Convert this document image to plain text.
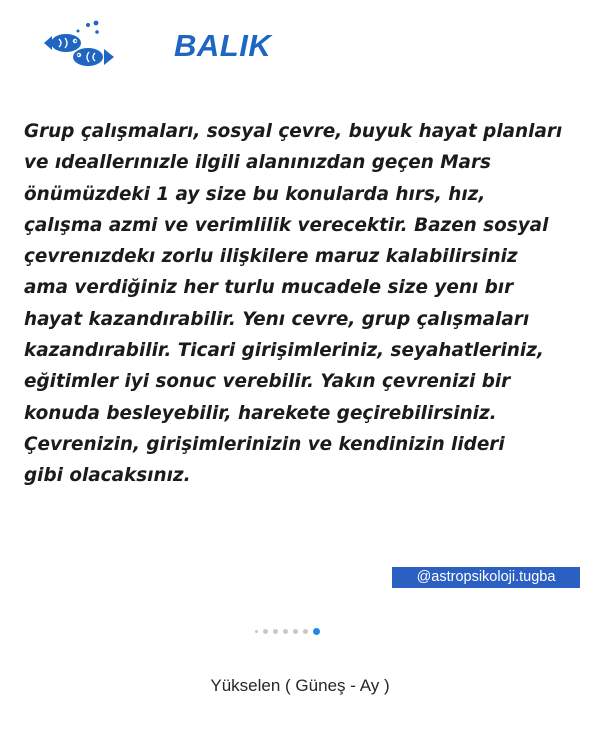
BALIK
Grup çalışmaları, sosyal çevre, buyuk hayat planları
ve ıdeallerınızle ilgili alanınızdan geçen Mars
önümüzdeki 1 ay size bu konularda hırs, hız,
çalışma azmi ve verimlilik verecektir. Bazen sosyal
çevrenızdekı zorlu ilişkilere maruz kalabilirsiniz
ama verdiğiniz her turlu mucadele size yenı bır
hayat kazandırabilir. Yenı cevre, grup çalışmaları
kazandırabilir. Ticari girişimleriniz, seyahatleriniz,
eğitimler iyi sonuc verebilir. Yakın çevrenizi bir
konuda besleyebilir, harekete geçirebilirsiniz.
Çevrenizin, girişimlerinizin ve kendinizin lideri
gibi olacaksınız.
@astropsikoloji.tugba
Yükselen ( Güneş - Ay )
